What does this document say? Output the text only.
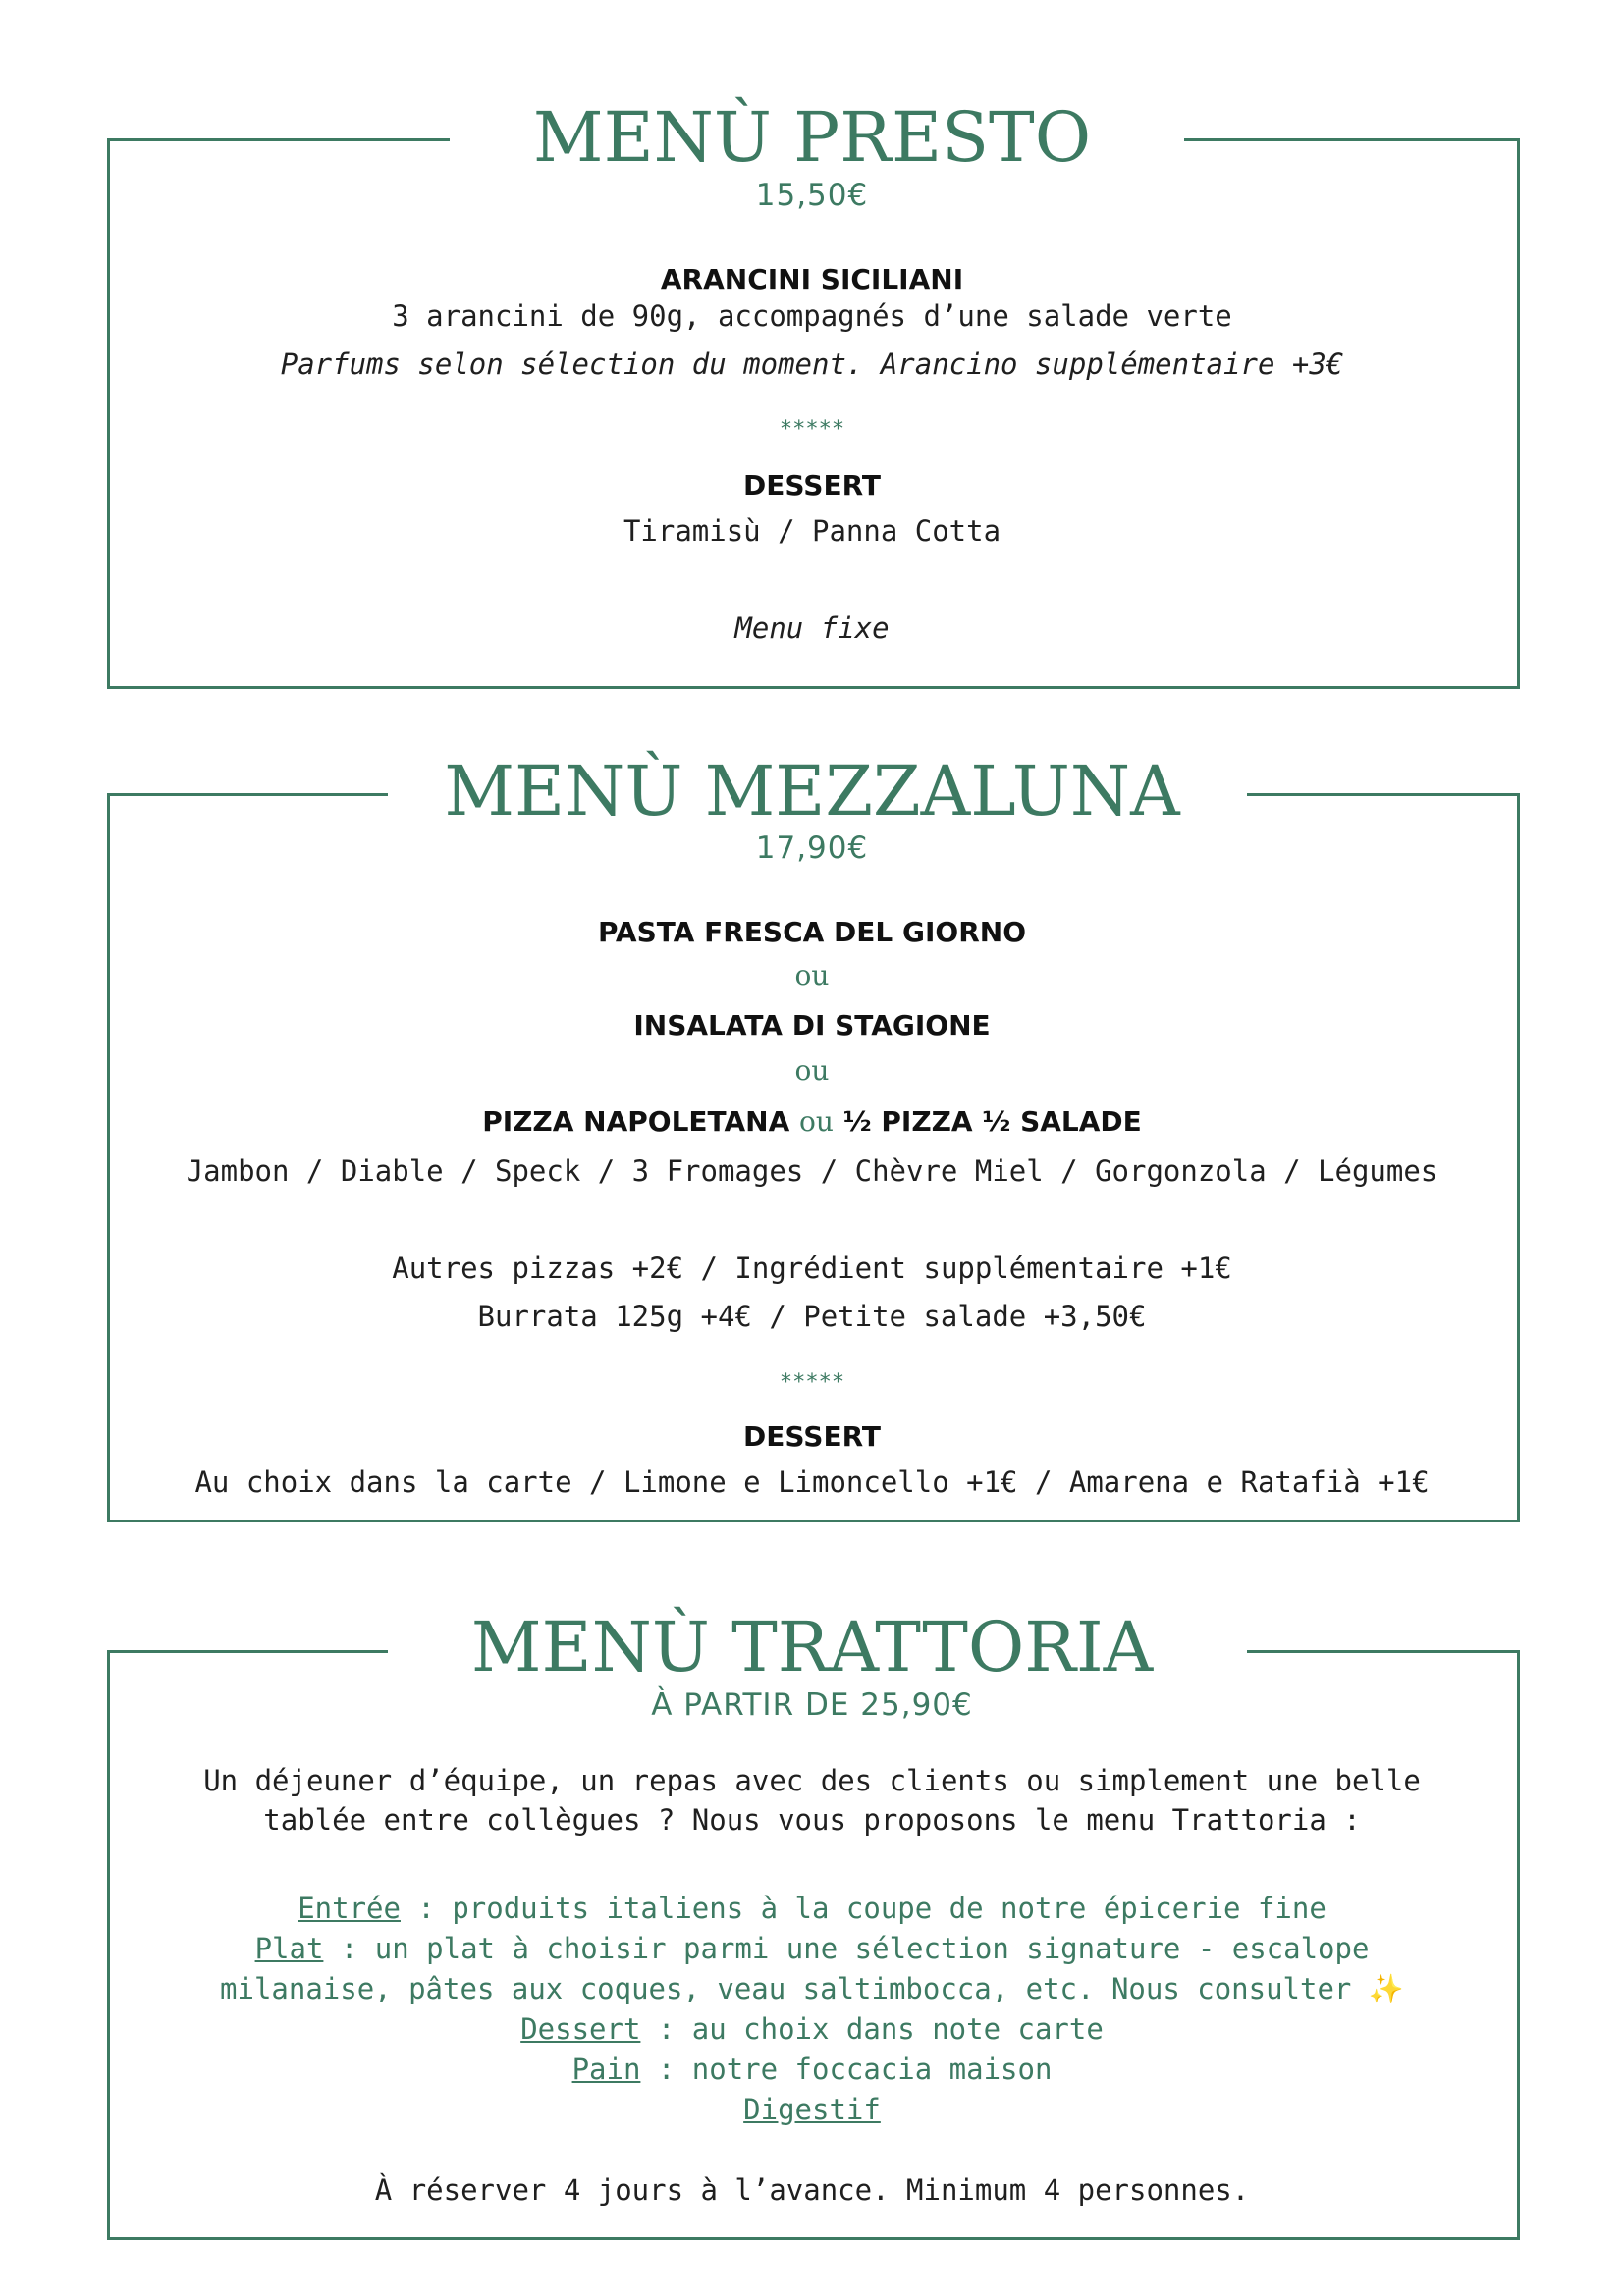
MENÙ PRESTO
15,50€
ARANCINI SICILIANI
3 arancini de 90g, accompagnés d’une salade verte
Parfums selon sélection du moment. Arancino supplémentaire +3€
*****
DESSERT
Tiramisù / Panna Cotta
Menu fixe
MENÙ MEZZALUNA
17,90€
PASTA FRESCA DEL GIORNO
ou
INSALATA DI STAGIONE
ou
PIZZA NAPOLETANA ou ½ PIZZA ½ SALADE
Jambon / Diable / Speck / 3 Fromages / Chèvre Miel / Gorgonzola / Légumes
Autres pizzas +2€ / Ingrédient supplémentaire +1€
Burrata 125g +4€ / Petite salade +3,50€
*****
DESSERT
Au choix dans la carte / Limone e Limoncello +1€ / Amarena e Ratafià +1€
MENÙ TRATTORIA
À PARTIR DE 25,90€
Un déjeuner d’équipe, un repas avec des clients ou simplement une belle
tablée entre collègues ? Nous vous proposons le menu Trattoria :
Entrée : produits italiens à la coupe de notre épicerie fine
Plat : un plat à choisir parmi une sélection signature - escalope
milanaise, pâtes aux coques, veau saltimbocca, etc. Nous consulter ✨
Dessert : au choix dans note carte
Pain : notre foccacia maison
Digestif
À réserver 4 jours à l’avance. Minimum 4 personnes.
